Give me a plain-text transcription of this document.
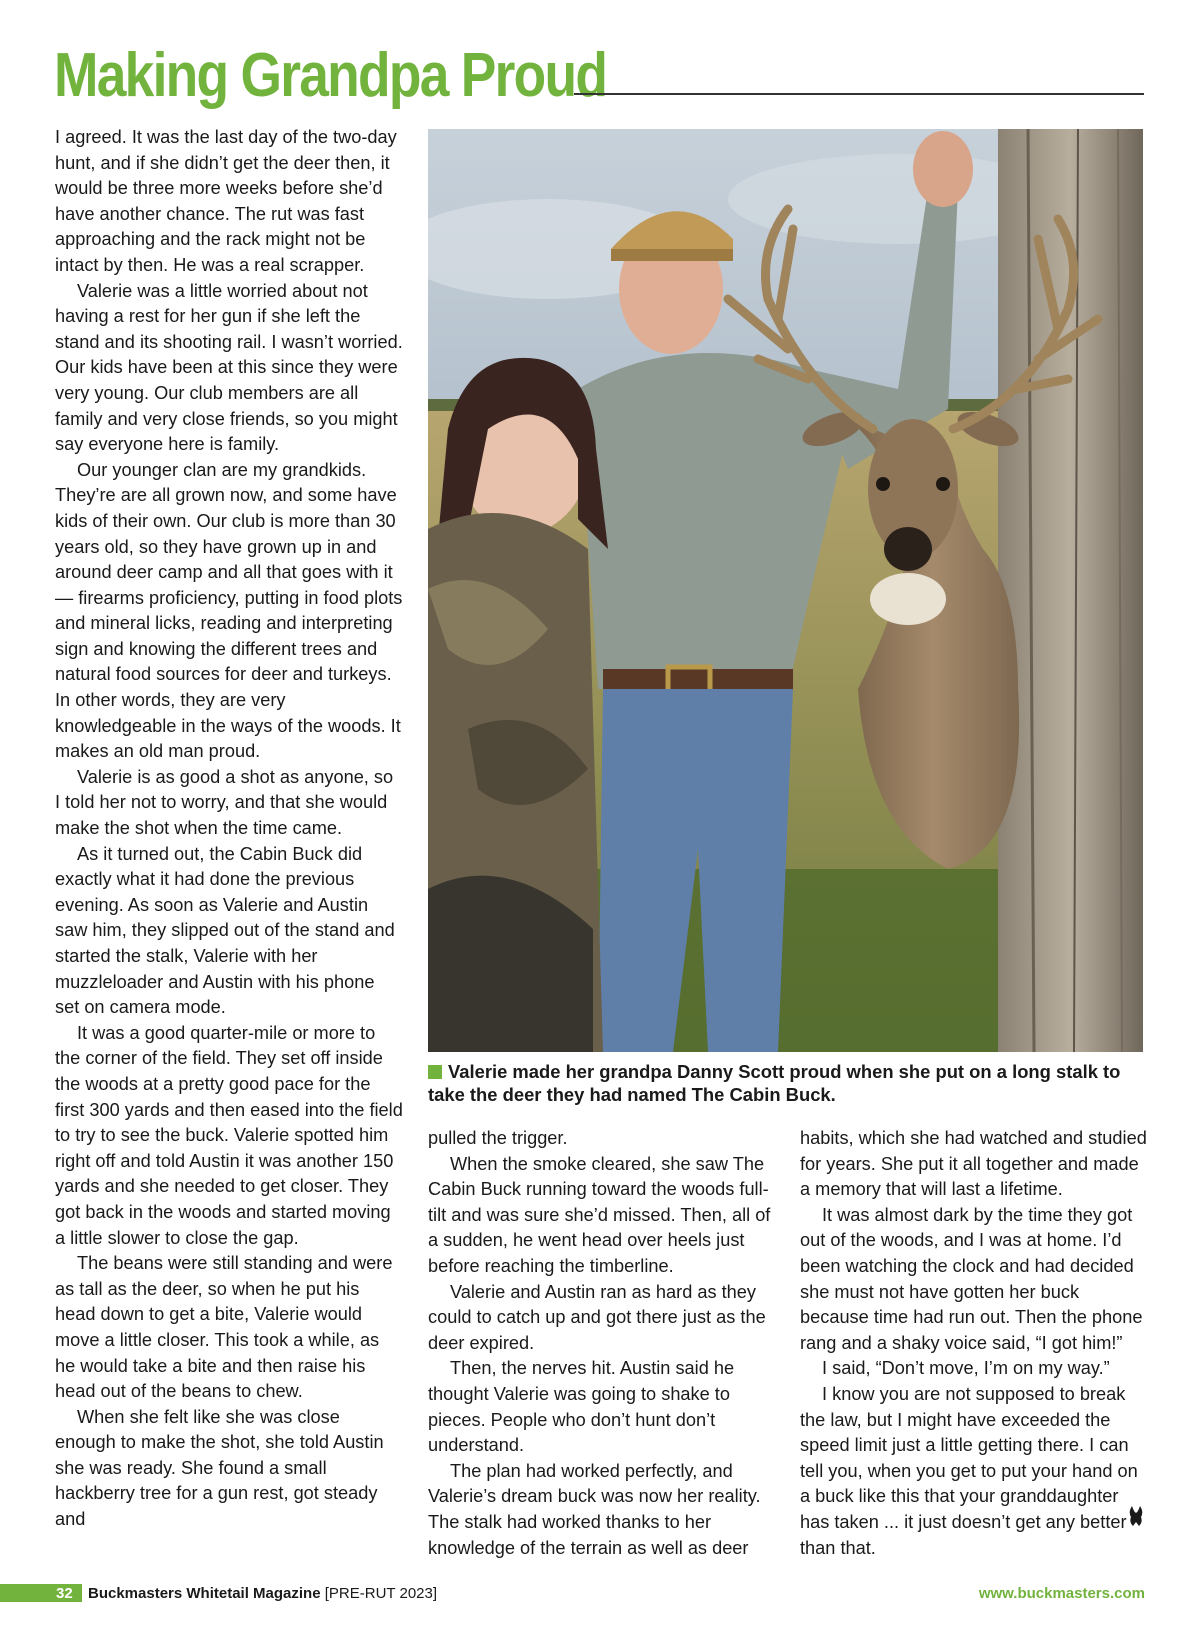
Making Grandpa Proud

I agreed. It was the last day of the two-day hunt, and if she didn’t get the deer then, it would be three more weeks before she’d have another chance. The rut was fast approaching and the rack might not be intact by then. He was a real scrapper.

Valerie was a little worried about not having a rest for her gun if she left the stand and its shooting rail. I wasn’t worried. Our kids have been at this since they were very young. Our club members are all family and very close friends, so you might say everyone here is family.

Our younger clan are my grandkids. They’re are all grown now, and some have kids of their own. Our club is more than 30 years old, so they have grown up in and around deer camp and all that goes with it — firearms proficiency, putting in food plots and mineral licks, reading and interpreting sign and knowing the different trees and natural food sources for deer and turkeys. In other words, they are very knowledgeable in the ways of the woods. It makes an old man proud.

Valerie is as good a shot as anyone, so I told her not to worry, and that she would make the shot when the time came.

As it turned out, the Cabin Buck did exactly what it had done the previous evening. As soon as Valerie and Austin saw him, they slipped out of the stand and started the stalk, Valerie with her muzzleloader and Austin with his phone set on camera mode.

It was a good quarter-mile or more to the corner of the field. They set off inside the woods at a pretty good pace for the first 300 yards and then eased into the field to try to see the buck. Valerie spotted him right off and told Austin it was another 150 yards and she needed to get closer. They got back in the woods and started moving a little slower to close the gap.

The beans were still standing and were as tall as the deer, so when he put his head down to get a bite, Valerie would move a little closer. This took a while, as he would take a bite and then raise his head out of the beans to chew.

When she felt like she was close enough to make the shot, she told Austin she was ready. She found a small hackberry tree for a gun rest, got steady and

Valerie made her grandpa Danny Scott proud when she put on a long stalk to take the deer they had named The Cabin Buck.

pulled the trigger.

When the smoke cleared, she saw The Cabin Buck running toward the woods full-tilt and was sure she’d missed. Then, all of a sudden, he went head over heels just before reaching the timberline.

Valerie and Austin ran as hard as they could to catch up and got there just as the deer expired.

Then, the nerves hit. Austin said he thought Valerie was going to shake to pieces. People who don’t hunt don’t understand.

The plan had worked perfectly, and Valerie’s dream buck was now her reality. The stalk had worked thanks to her knowledge of the terrain as well as deer

habits, which she had watched and studied for years. She put it all together and made a memory that will last a lifetime.

It was almost dark by the time they got out of the woods, and I was at home. I’d been watching the clock and had decided she must not have gotten her buck because time had run out. Then the phone rang and a shaky voice said, “I got him!”

I said, “Don’t move, I’m on my way.”

I know you are not supposed to break the law, but I might have exceeded the speed limit just a little getting there. I can tell you, when you get to put your hand on a buck like this that your granddaughter has taken ... it just doesn’t get any better than that.

32 Buckmasters Whitetail Magazine [PRE-RUT 2023]	www.buckmasters.com
